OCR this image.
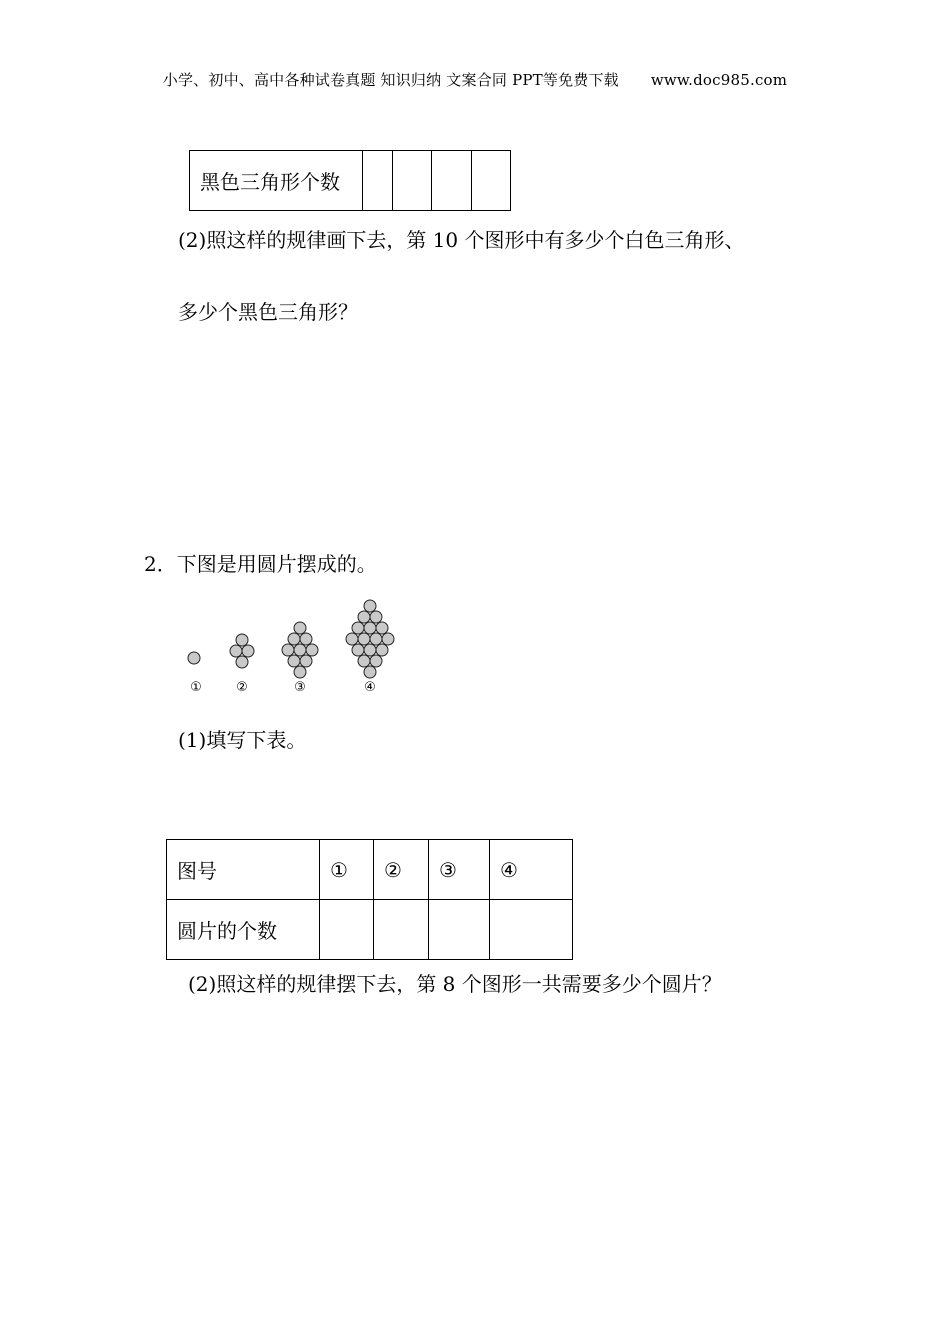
小学、初中、高中各种试卷真题 知识归纳 文案合同 PPT等免费下载 www.doc985.com
黑色三角形个数				
(2)照这样的规律画下去，第 10 个图形中有多少个白色三角形、
多少个黑色三角形？
2．下图是用圆片摆成的。
①	②	③	④
(1)填写下表。
图号	①	②	③	④
圆片的个数				
(2)照这样的规律摆下去，第 8 个图形一共需要多少个圆片？
